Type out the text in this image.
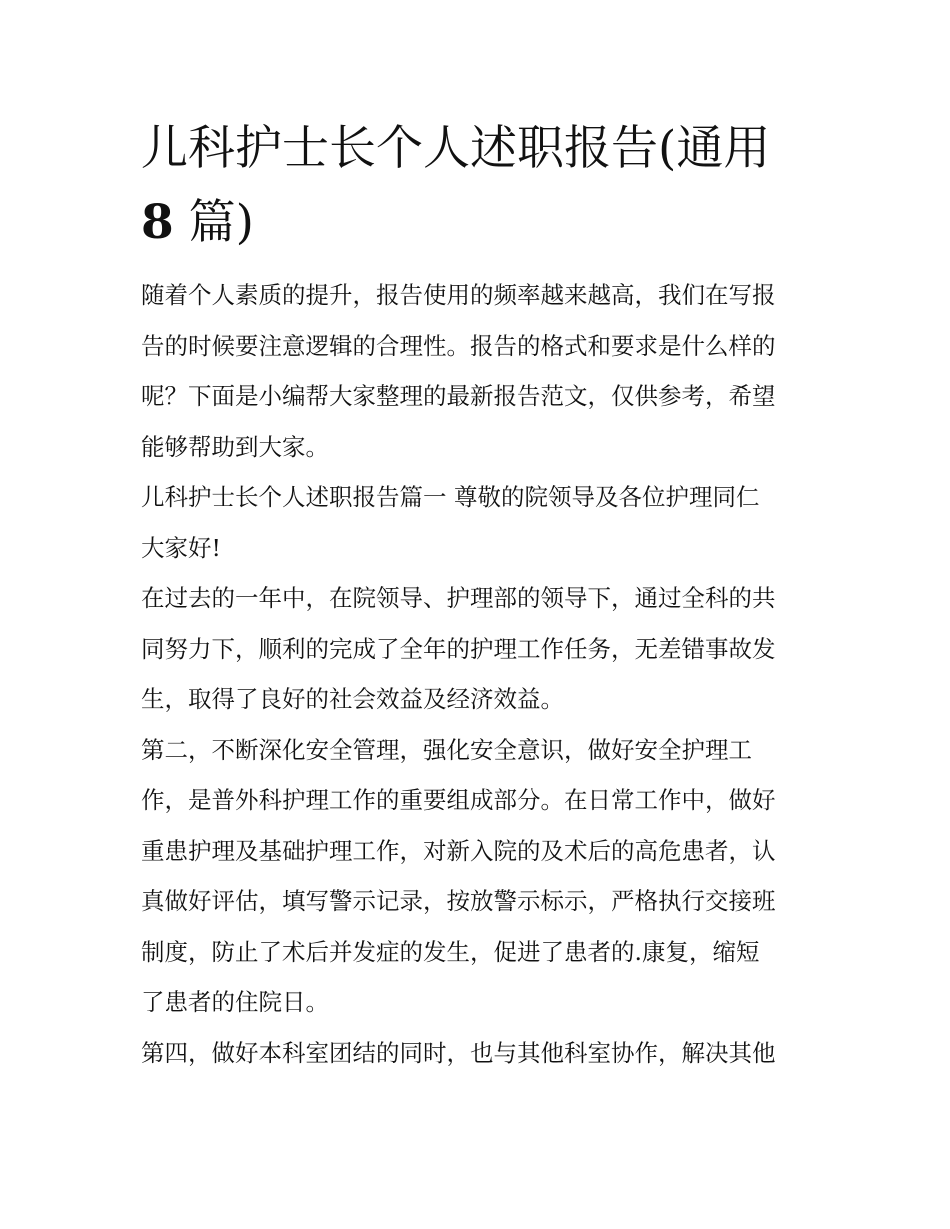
儿科护士长个人述职报告(通用
8 篇)

随着个人素质的提升，报告使用的频率越来越高，我们在写报
告的时候要注意逻辑的合理性。报告的格式和要求是什么样的
呢？下面是小编帮大家整理的最新报告范文，仅供参考，希望
能够帮助到大家。

儿科护士长个人述职报告篇一 尊敬的院领导及各位护理同仁
大家好!

在过去的一年中，在院领导、护理部的领导下，通过全科的共
同努力下，顺利的完成了全年的护理工作任务，无差错事故发
生，取得了良好的社会效益及经济效益。

第二，不断深化安全管理，强化安全意识，做好安全护理工
作，是普外科护理工作的重要组成部分。在日常工作中，做好
重患护理及基础护理工作，对新入院的及术后的高危患者，认
真做好评估，填写警示记录，按放警示标示，严格执行交接班
制度，防止了术后并发症的发生，促进了患者的.康复，缩短
了患者的住院日。

第四，做好本科室团结的同时，也与其他科室协作，解决其他
